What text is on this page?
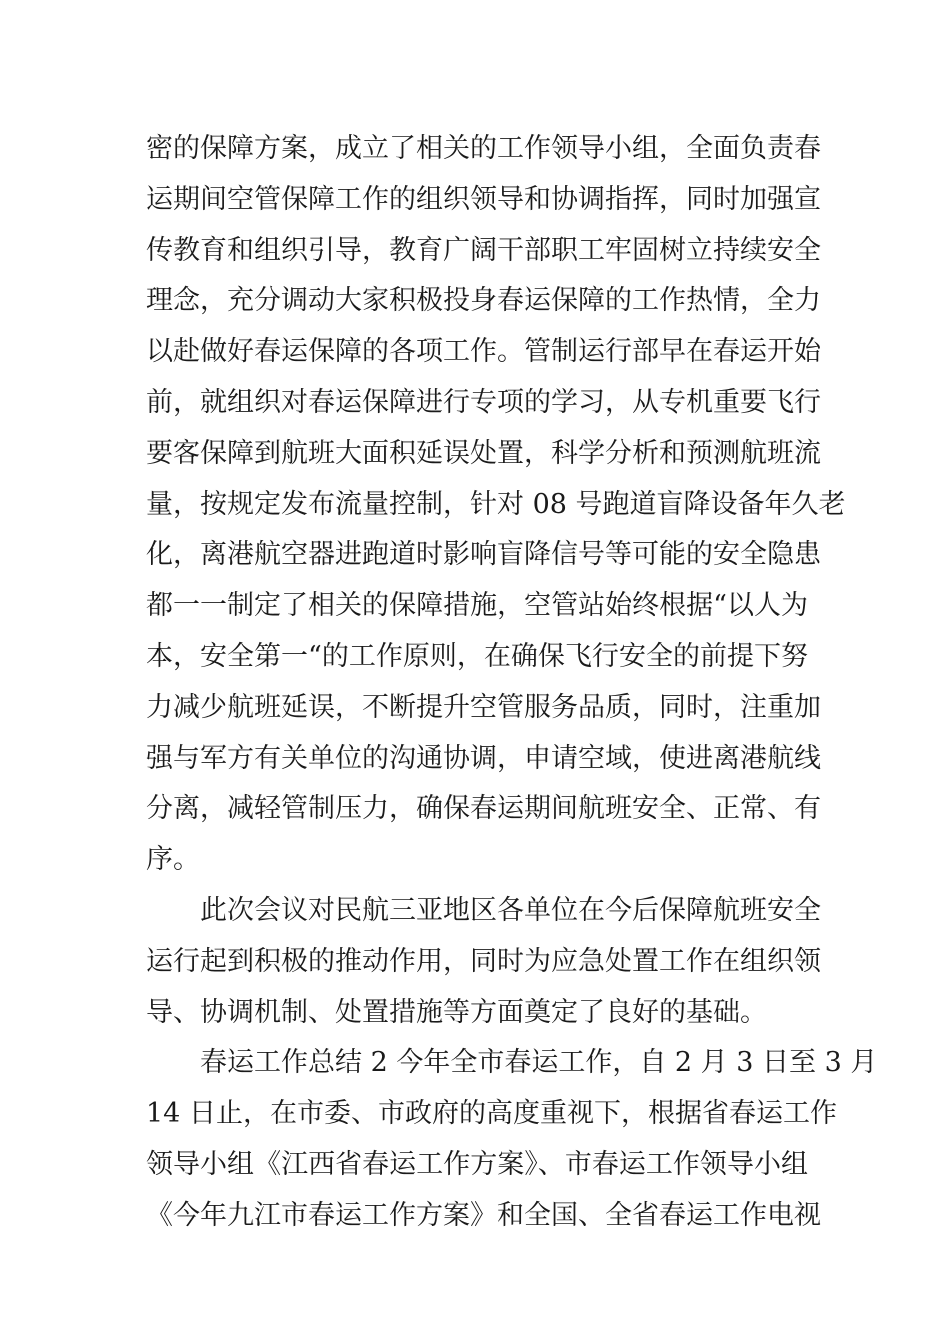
密的保障方案，成立了相关的工作领导小组，全面负责春
运期间空管保障工作的组织领导和协调指挥，同时加强宣
传教育和组织引导，教育广阔干部职工牢固树立持续安全
理念，充分调动大家积极投身春运保障的工作热情，全力
以赴做好春运保障的各项工作。管制运行部早在春运开始
前，就组织对春运保障进行专项的学习，从专机重要飞行
要客保障到航班大面积延误处置，科学分析和预测航班流
量，按规定发布流量控制，针对 08 号跑道盲降设备年久老
化，离港航空器进跑道时影响盲降信号等可能的安全隐患
都一一制定了相关的保障措施，空管站始终根据“以人为
本，安全第一“的工作原则，在确保飞行安全的前提下努
力减少航班延误，不断提升空管服务品质，同时，注重加
强与军方有关单位的沟通协调，申请空域，使进离港航线
分离，减轻管制压力，确保春运期间航班安全、正常、有
序。
此次会议对民航三亚地区各单位在今后保障航班安全
运行起到积极的推动作用，同时为应急处置工作在组织领
导、协调机制、处置措施等方面奠定了良好的基础。
春运工作总结 2 今年全市春运工作，自 2 月 3 日至 3 月
14 日止，在市委、市政府的高度重视下，根据省春运工作
领导小组《江西省春运工作方案》、市春运工作领导小组
《今年九江市春运工作方案》和全国、全省春运工作电视
